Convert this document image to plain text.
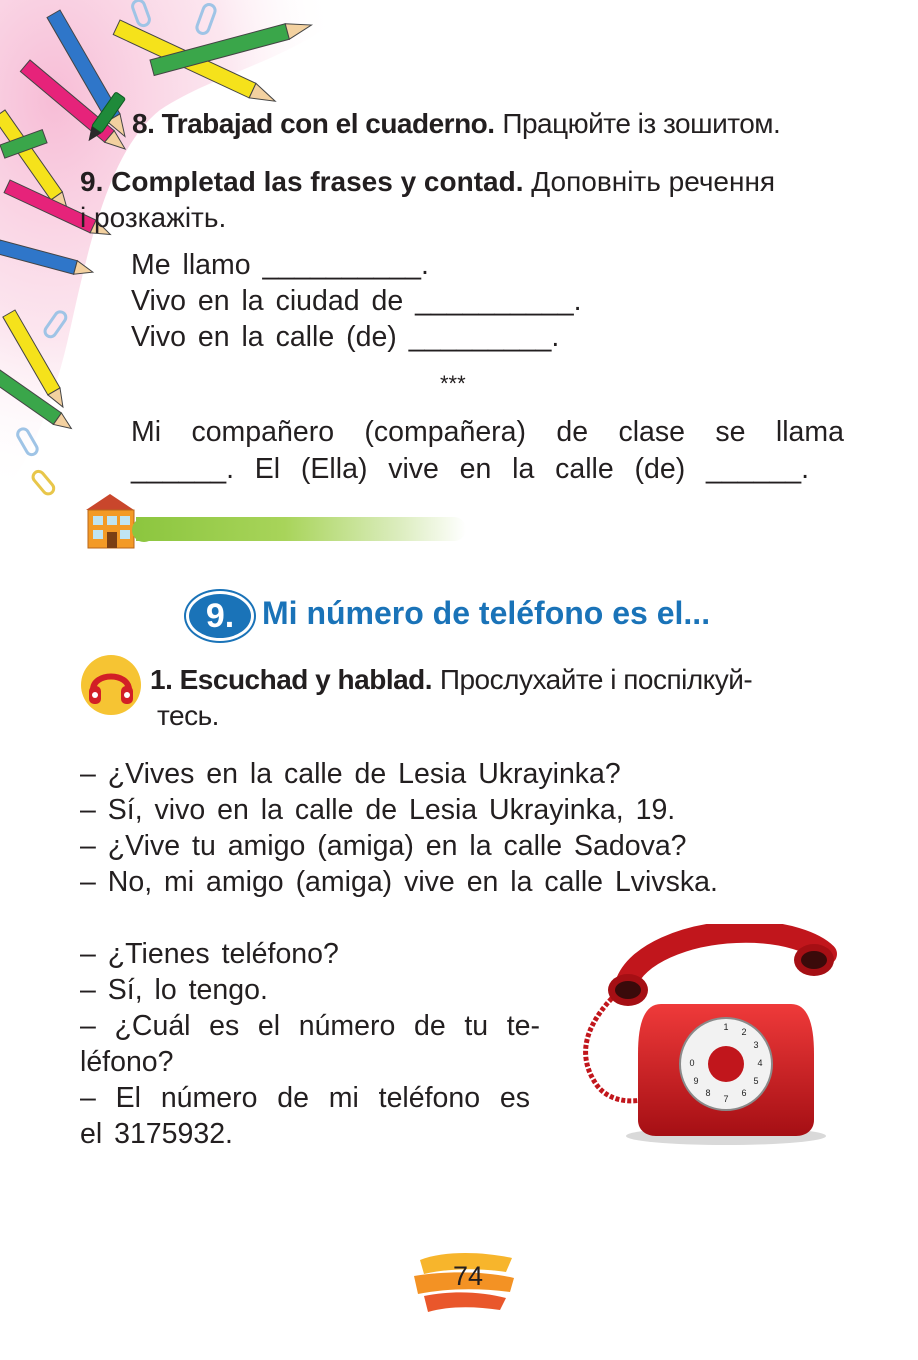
8. Trabajad con el cuaderno. Працюйте із зошитом.
9. Completad las frases y contad. Доповніть речення
і розкажіть.
Me llamo __________.
Vivo en la ciudad de __________.
Vivo en la calle (de) _________.
***
Mi compañero (compañera) de clase se llama
______. El (Ella) vive en la calle (de) ______.
9. Mi número de teléfono es el...
1. Escuchad y hablad. Прослухайте і поспілкуй-
тесь.
– ¿Vives en la calle de Lesia Ukrayinka?
– Sí, vivo en la calle de Lesia Ukrayinka, 19.
– ¿Vive tu amigo (amiga) en la calle Sadova?
– No, mi amigo (amiga) vive en la calle Lvivska.
– ¿Tienes teléfono?
– Sí, lo tengo.
– ¿Cuál es el número de tu te-
léfono?
– El número de mi teléfono es
el 3175932.
1 2
3
4
5
6
7
8
9
0
74
